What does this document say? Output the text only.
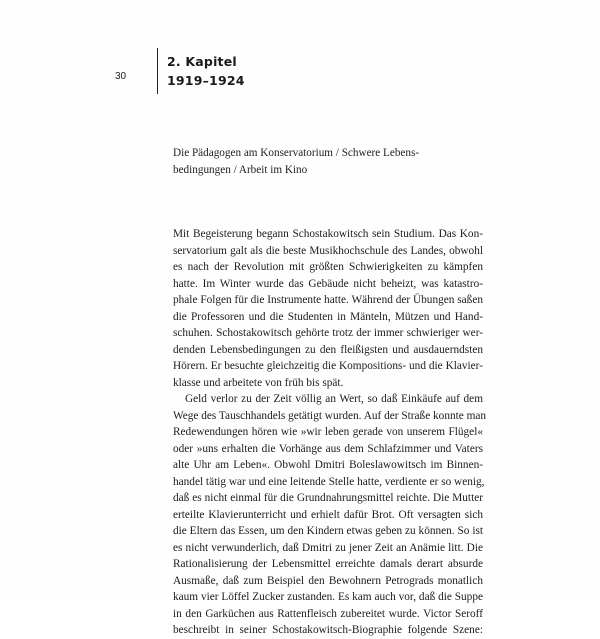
30
2. Kapitel
1919–1924
Die Pädagogen am Konservatorium / Schwere Lebens-
bedingungen / Arbeit im Kino
Mit Begeisterung begann Schostakowitsch sein Studium. Das Kon-
servatorium galt als die beste Musikhochschule des Landes, obwohl
es nach der Revolution mit größten Schwierigkeiten zu kämpfen
hatte. Im Winter wurde das Gebäude nicht beheizt, was katastro-
phale Folgen für die Instrumente hatte. Während der Übungen saßen
die Professoren und die Studenten in Mänteln, Mützen und Hand-
schuhen. Schostakowitsch gehörte trotz der immer schwieriger wer-
denden Lebensbedingungen zu den fleißigsten und ausdauerndsten
Hörern. Er besuchte gleichzeitig die Kompositions- und die Klavier-
klasse und arbeitete von früh bis spät.
Geld verlor zu der Zeit völlig an Wert, so daß Einkäufe auf dem
Wege des Tauschhandels getätigt wurden. Auf der Straße konnte man
Redewendungen hören wie »wir leben gerade von unserem Flügel«
oder »uns erhalten die Vorhänge aus dem Schlafzimmer und Vaters
alte Uhr am Leben«. Obwohl Dmitri Boleslawowitsch im Binnen-
handel tätig war und eine leitende Stelle hatte, verdiente er so wenig,
daß es nicht einmal für die Grundnahrungsmittel reichte. Die Mutter
erteilte Klavierunterricht und erhielt dafür Brot. Oft versagten sich
die Eltern das Essen, um den Kindern etwas geben zu können. So ist
es nicht verwunderlich, daß Dmitri zu jener Zeit an Anämie litt. Die
Rationalisierung der Lebensmittel erreichte damals derart absurde
Ausmaße, daß zum Beispiel den Bewohnern Petrograds monatlich
kaum vier Löffel Zucker zustanden. Es kam auch vor, daß die Suppe
in den Garküchen aus Rattenfleisch zubereitet wurde. Victor Seroff
beschreibt in seiner Schostakowitsch-Biographie folgende Szene:
